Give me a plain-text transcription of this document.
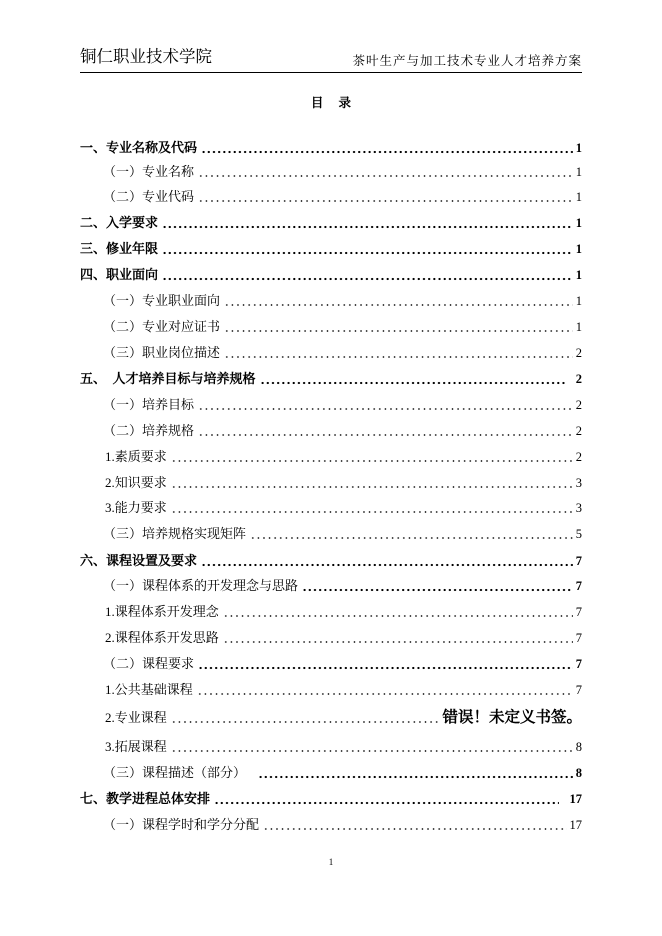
铜仁职业技术学院	茶叶生产与加工技术专业人才培养方案
目 录
一、专业名称及代码	1
（一）专业名称	1
（二）专业代码	1
二、入学要求	1
三、修业年限	1
四、职业面向	1
（一）专业职业面向	1
（二）专业对应证书	1
（三）职业岗位描述	2
五、  人才培养目标与培养规格	2
（一）培养目标	2
（二）培养规格	2
1.素质要求	2
2.知识要求	3
3.能力要求	3
（三）培养规格实现矩阵	5
六、课程设置及要求	7
（一）课程体系的开发理念与思路	7
1.课程体系开发理念	7
2.课程体系开发思路	7
（二）课程要求	7
1.公共基础课程	7
2.专业课程	错误！未定义书签。
3.拓展课程	8
（三）课程描述（部分）	8
七、教学进程总体安排	17
（一）课程学时和学分分配	17
1
